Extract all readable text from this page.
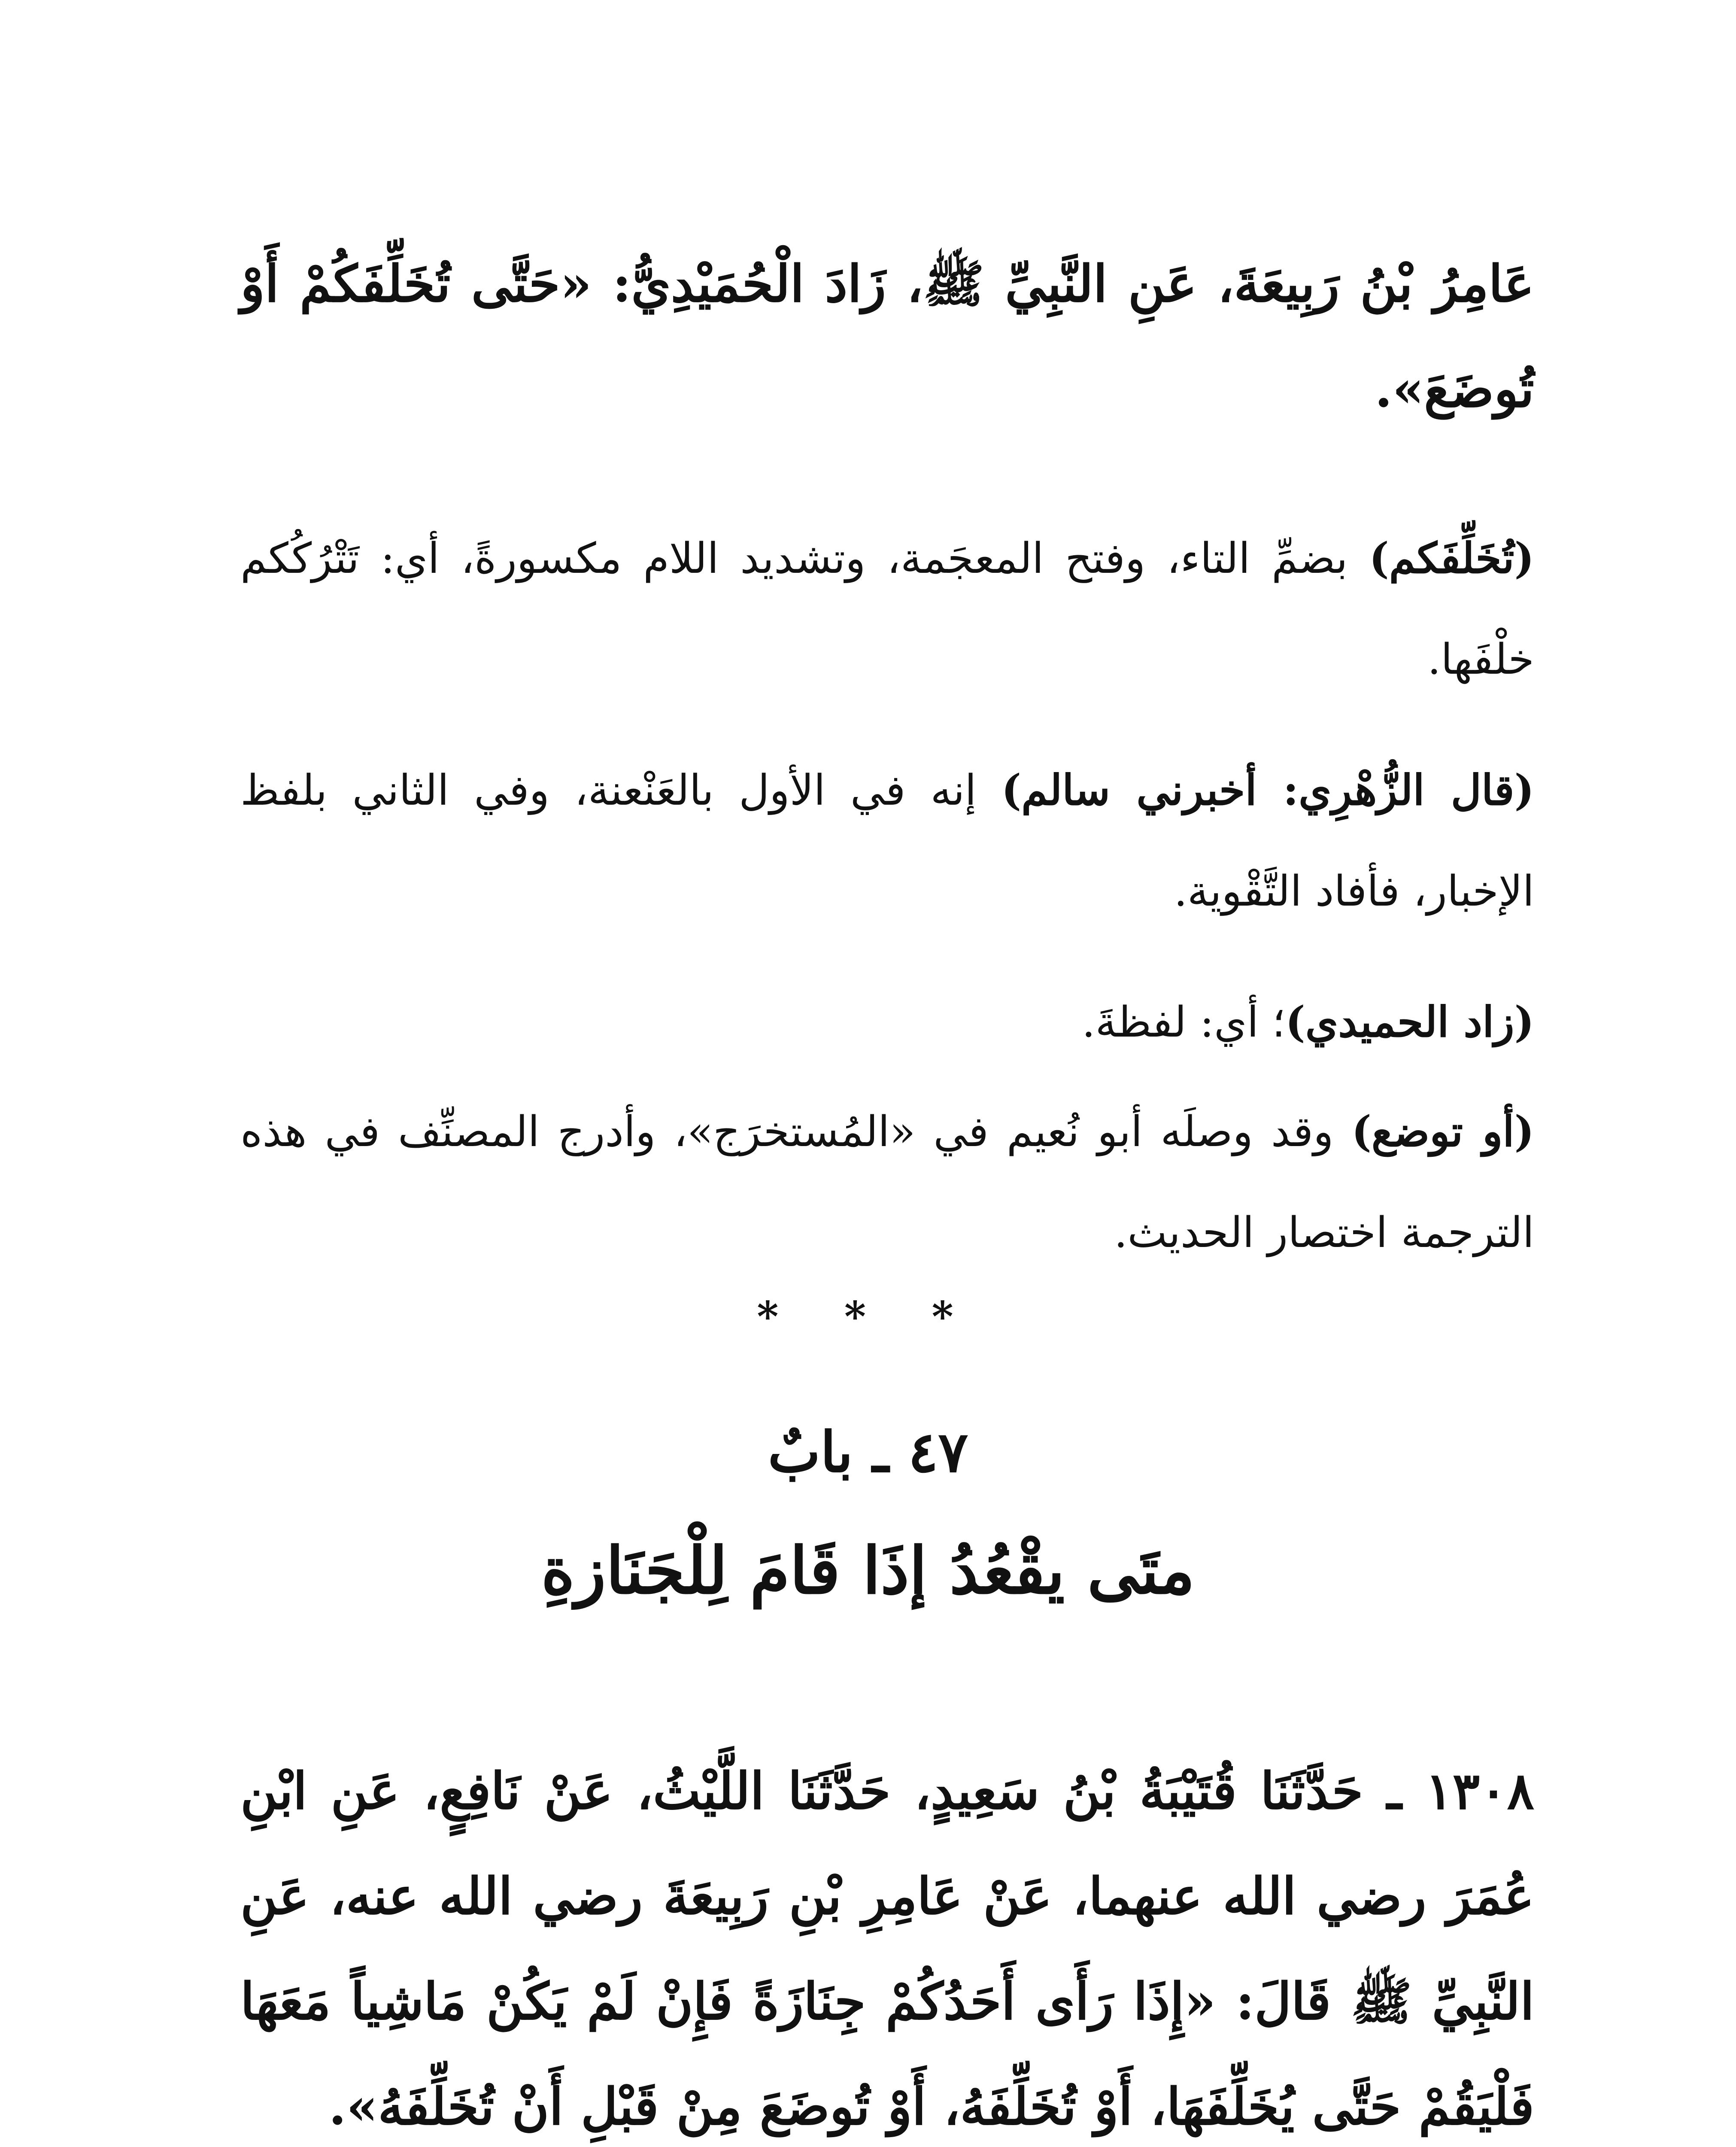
عَامِرُ بْنُ رَبِيعَةَ، عَنِ النَّبِيِّ ﷺ، زَادَ الْحُمَيْدِيُّ: «حَتَّى تُخَلِّفَكُمْ أَوْ تُوضَعَ».

(تُخَلِّفَكم) بضمِّ التاء، وفتح المعجَمة، وتشديد اللام مكسورةً، أي: تَتْرُكُكم خلْفَها.

(قال الزُّهْرِي: أخبرني سالم) إنه في الأول بالعَنْعنة، وفي الثاني بلفظ الإخبار، فأفاد التَّقْوية.

(زاد الحميدي)؛ أي: لفظةَ.

(أو توضع) وقد وصلَه أبو نُعيم في «المُستخرَج»، وأدرج المصنِّف في هذه الترجمة اختصار الحديث.

* * *
٤٧ ـ بابٌ
متَى يقْعُدُ إذَا قَامَ لِلْجَنَازةِ

١٣٠٨ ـ حَدَّثَنَا قُتَيْبَةُ بْنُ سَعِيدٍ، حَدَّثَنَا اللَّيْثُ، عَنْ نَافِعٍ، عَنِ ابْنِ عُمَرَ رضي الله عنهما، عَنْ عَامِرِ بْنِ رَبِيعَةَ رضي الله عنه، عَنِ النَّبِيِّ ﷺ قَالَ: «إِذَا رَأَى أَحَدُكُمْ جِنَازَةً فَإِنْ لَمْ يَكُنْ مَاشِياً مَعَهَا فَلْيَقُمْ حَتَّى يُخَلِّفَهَا، أَوْ تُخَلِّفَهُ، أَوْ تُوضَعَ مِنْ قَبْلِ أَنْ تُخَلِّفَهُ».
